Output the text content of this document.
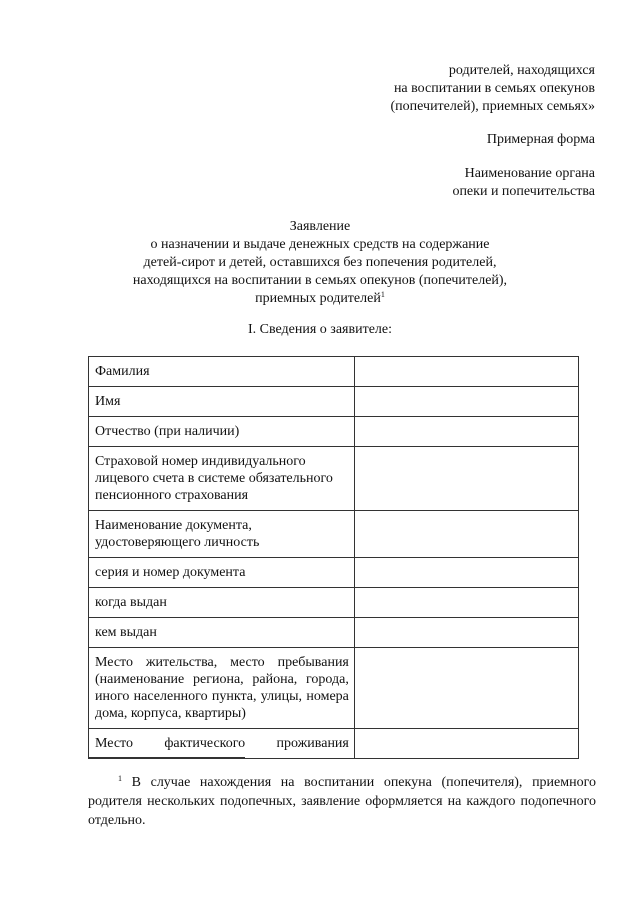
родителей, находящихся
на воспитании в семьях опекунов
(попечителей), приемных семьях»
Примерная форма
Наименование органа
опеки и попечительства
Заявление
о назначении и выдаче денежных средств на содержание
детей-сирот и детей, оставшихся без попечения родителей,
находящихся на воспитании в семьях опекунов (попечителей),
приемных родителей$^1$
I. Сведения о заявителе:
Фамилия	
Имя	
Отчество (при наличии)	
Страховой номер индивидуального лицевого счета в системе обязательного пенсионного страхования	
Наименование документа, удостоверяющего личность	
серия и номер документа	
когда выдан	
кем выдан	
Место жительства, место пребывания (наименование региона, района, города, иного населенного пункта, улицы, номера дома, корпуса, квартиры)	
Место фактического проживания	
$^1$ В случае нахождения на воспитании опекуна (попечителя), приемного родителя нескольких подопечных, заявление оформляется на каждого подопечного отдельно.
